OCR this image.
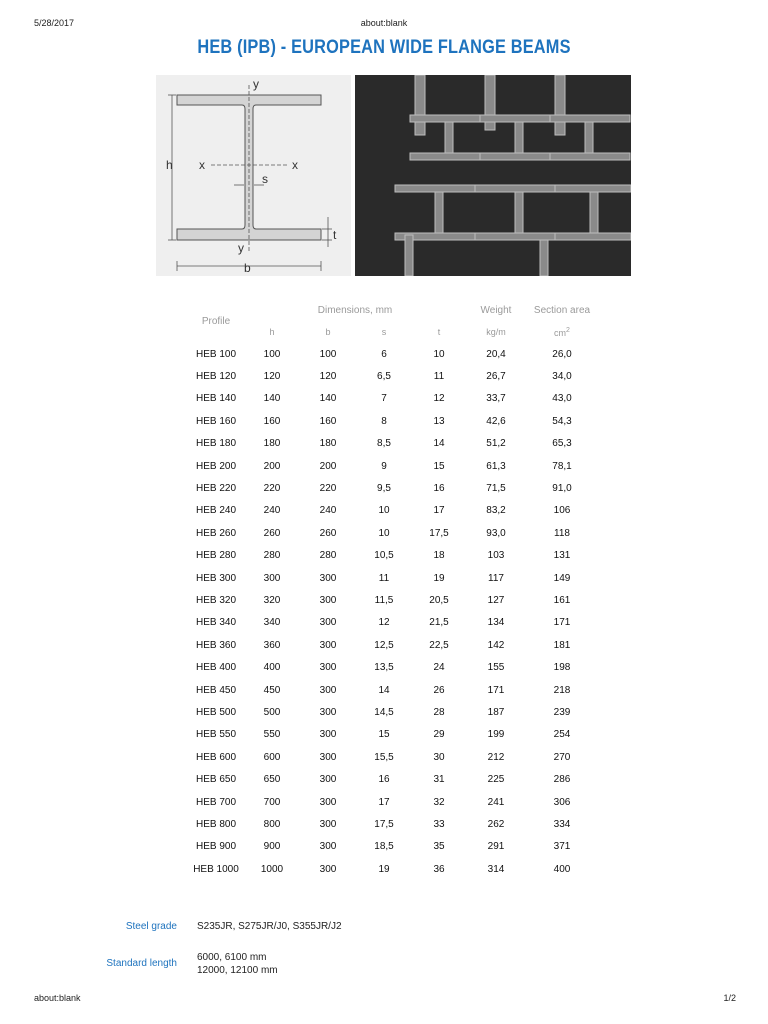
5/28/2017	about:blank
HEB (IPB) - EUROPEAN WIDE FLANGE BEAMS
y
y
x	x
h
s
t
b
Profile	Dimensions, mm				Weight	Section area
	h	b	s	t	kg/m	$cm^2$
HEB 100	100	100	6	10	20,4	26,0
HEB 120	120	120	6,5	11	26,7	34,0
HEB 140	140	140	7	12	33,7	43,0
HEB 160	160	160	8	13	42,6	54,3
HEB 180	180	180	8,5	14	51,2	65,3
HEB 200	200	200	9	15	61,3	78,1
HEB 220	220	220	9,5	16	71,5	91,0
HEB 240	240	240	10	17	83,2	106
HEB 260	260	260	10	17,5	93,0	118
HEB 280	280	280	10,5	18	103	131
HEB 300	300	300	11	19	117	149
HEB 320	320	300	11,5	20,5	127	161
HEB 340	340	300	12	21,5	134	171
HEB 360	360	300	12,5	22,5	142	181
HEB 400	400	300	13,5	24	155	198
HEB 450	450	300	14	26	171	218
HEB 500	500	300	14,5	28	187	239
HEB 550	550	300	15	29	199	254
HEB 600	600	300	15,5	30	212	270
HEB 650	650	300	16	31	225	286
HEB 700	700	300	17	32	241	306
HEB 800	800	300	17,5	33	262	334
HEB 900	900	300	18,5	35	291	371
HEB 1000	1000	300	19	36	314	400
Steel grade S235JR, S275JR/J0, S355JR/J2
Standard length
6000, 6100 mm
12000, 12100 mm
about:blank	1/2
